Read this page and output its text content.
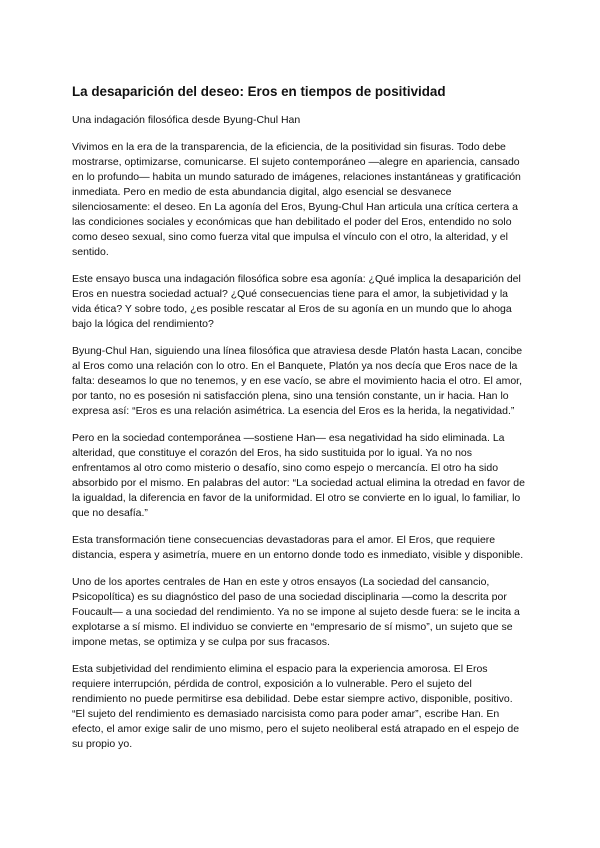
La desaparición del deseo: Eros en tiempos de positividad

Una indagación filosófica desde Byung-Chul Han

Vivimos en la era de la transparencia, de la eficiencia, de la positividad sin fisuras. Todo debe mostrarse, optimizarse, comunicarse. El sujeto contemporáneo —alegre en apariencia, cansado en lo profundo— habita un mundo saturado de imágenes, relaciones instantáneas y gratificación inmediata. Pero en medio de esta abundancia digital, algo esencial se desvanece silenciosamente: el deseo. En La agonía del Eros, Byung-Chul Han articula una crítica certera a las condiciones sociales y económicas que han debilitado el poder del Eros, entendido no solo como deseo sexual, sino como fuerza vital que impulsa el vínculo con el otro, la alteridad, y el sentido.

Este ensayo busca una indagación filosófica sobre esa agonía: ¿Qué implica la desaparición del Eros en nuestra sociedad actual? ¿Qué consecuencias tiene para el amor, la subjetividad y la vida ética? Y sobre todo, ¿es posible rescatar al Eros de su agonía en un mundo que lo ahoga bajo la lógica del rendimiento?

Byung-Chul Han, siguiendo una línea filosófica que atraviesa desde Platón hasta Lacan, concibe al Eros como una relación con lo otro. En el Banquete, Platón ya nos decía que Eros nace de la falta: deseamos lo que no tenemos, y en ese vacío, se abre el movimiento hacia el otro. El amor, por tanto, no es posesión ni satisfacción plena, sino una tensión constante, un ir hacia. Han lo expresa así: “Eros es una relación asimétrica. La esencia del Eros es la herida, la negatividad.”

Pero en la sociedad contemporánea —sostiene Han— esa negatividad ha sido eliminada. La alteridad, que constituye el corazón del Eros, ha sido sustituida por lo igual. Ya no nos enfrentamos al otro como misterio o desafío, sino como espejo o mercancía. El otro ha sido absorbido por el mismo. En palabras del autor: “La sociedad actual elimina la otredad en favor de la igualdad, la diferencia en favor de la uniformidad. El otro se convierte en lo igual, lo familiar, lo que no desafía.”

Esta transformación tiene consecuencias devastadoras para el amor. El Eros, que requiere distancia, espera y asimetría, muere en un entorno donde todo es inmediato, visible y disponible.

Uno de los aportes centrales de Han en este y otros ensayos (La sociedad del cansancio, Psicopolítica) es su diagnóstico del paso de una sociedad disciplinaria —como la descrita por Foucault— a una sociedad del rendimiento. Ya no se impone al sujeto desde fuera: se le incita a explotarse a sí mismo. El individuo se convierte en “empresario de sí mismo”, un sujeto que se impone metas, se optimiza y se culpa por sus fracasos.

Esta subjetividad del rendimiento elimina el espacio para la experiencia amorosa. El Eros requiere interrupción, pérdida de control, exposición a lo vulnerable. Pero el sujeto del rendimiento no puede permitirse esa debilidad. Debe estar siempre activo, disponible, positivo. “El sujeto del rendimiento es demasiado narcisista como para poder amar”, escribe Han. En efecto, el amor exige salir de uno mismo, pero el sujeto neoliberal está atrapado en el espejo de su propio yo.
